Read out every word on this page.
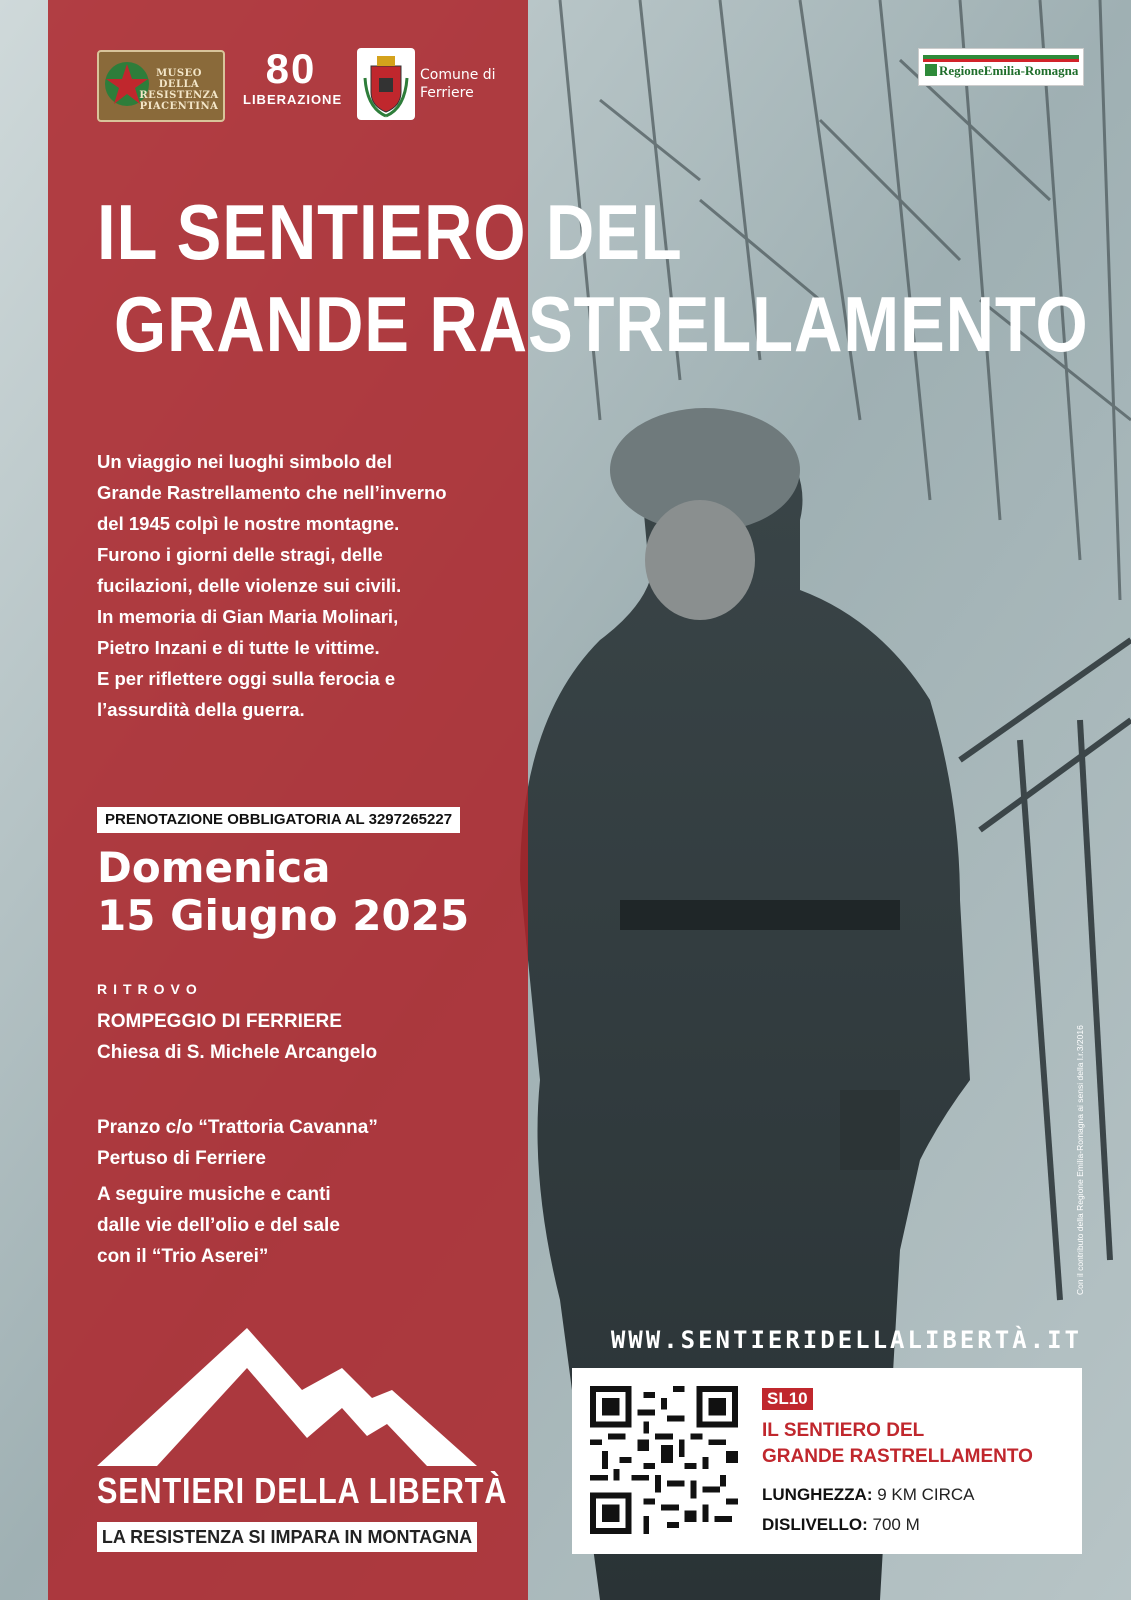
MUSEO DELLA RESISTENZA PIACENTINA
80
LIBERAZIONE
Comune di
Ferriere
RegioneEmilia-Romagna
IL SENTIERO DEL
GRANDE RASTRELLAMENTO
Un viaggio nei luoghi simbolo del
Grande Rastrellamento che nell’inverno
del 1945 colpì le nostre montagne.
Furono i giorni delle stragi, delle
fucilazioni, delle violenze sui civili.
In memoria di Gian Maria Molinari,
Pietro Inzani e di tutte le vittime.
E per riflettere oggi sulla ferocia e
l’assurdità della guerra.
PRENOTAZIONE OBBLIGATORIA AL 3297265227
Domenica
15 Giugno 2025
RITROVO
ROMPEGGIO DI FERRIERE
Chiesa di S. Michele Arcangelo
Pranzo c/o “Trattoria Cavanna”
Pertuso di Ferriere
A seguire musiche e canti
dalle vie dell’olio e del sale
con il “Trio Aserei”
SENTIERI DELLA LIBERTÀ
LA RESISTENZA SI IMPARA IN MONTAGNA
WWW.SENTIERIDELLALIBERTÀ.IT
SL10
IL SENTIERO DEL
GRANDE RASTRELLAMENTO
LUNGHEZZA: 9 KM CIRCA
DISLIVELLO: 700 M
Con il contributo della Regione Emilia-Romagna ai sensi della l.r.3/2016
